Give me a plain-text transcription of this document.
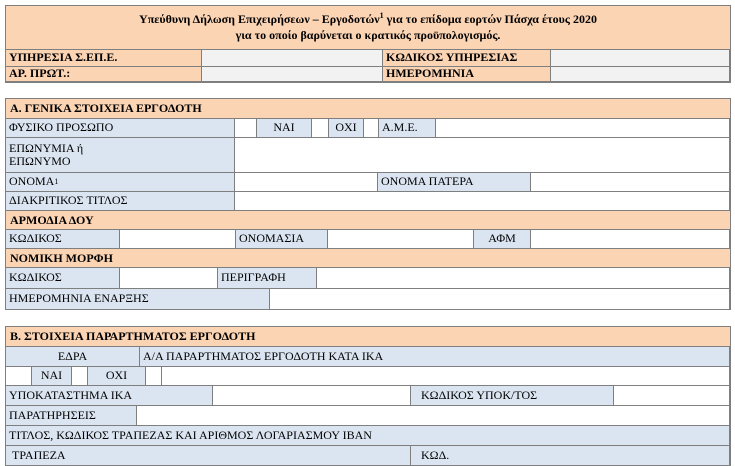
Υπεύθυνη Δήλωση Επιχειρήσεων – Εργοδοτών$^1$ για το επίδομα εορτών Πάσχα έτους 2020
για το οποίο βαρύνεται ο κρατικός προϋπολογισμός.
ΥΠΗΡΕΣΙΑ Σ.ΕΠ.Ε.	ΚΩΔΙΚΟΣ ΥΠΗΡΕΣΙΑΣ
ΑΡ. ΠΡΩΤ.:	ΗΜΕΡΟΜΗΝΙΑ
Α. ΓΕΝΙΚΑ ΣΤΟΙΧΕΙΑ ΕΡΓΟΔΟΤΗ
ΦΥΣΙΚΟ ΠΡΟΣΩΠΟ	ΝΑΙ	ΟΧΙ	Α.Μ.Ε.
ΕΠΩΝΥΜΙΑ ή
ΕΠΩΝΥΜΟ
ΟΝΟΜΑ 1	ΟΝΟΜΑ ΠΑΤΕΡΑ
ΔΙΑΚΡΙΤΙΚΟΣ ΤΙΤΛΟΣ
ΑΡΜΟΔΙΑ ΔΟΥ
ΚΩΔΙΚΟΣ	ΟΝΟΜΑΣΙΑ	ΑΦΜ
ΝΟΜΙΚΗ ΜΟΡΦΗ
ΚΩΔΙΚΟΣ	ΠΕΡΙΓΡΑΦΗ
ΗΜΕΡΟΜΗΝΙΑ ΕΝΑΡΞΗΣ
Β. ΣΤΟΙΧΕΙΑ ΠΑΡΑΡΤΗΜΑΤΟΣ ΕΡΓΟΔΟΤΗ
ΕΔΡΑ	Α/Α ΠΑΡΑΡΤΗΜΑΤΟΣ ΕΡΓΟΔΟΤΗ ΚΑΤΑ ΙΚΑ
ΝΑΙ	ΟΧΙ
ΥΠΟΚΑΤΑΣΤΗΜΑ ΙΚΑ	ΚΩΔΙΚΟΣ ΥΠΟΚ/ΤΟΣ
ΠΑΡΑΤΗΡΗΣΕΙΣ
ΤΙΤΛΟΣ, ΚΩΔΙΚΟΣ ΤΡΑΠΕΖΑΣ ΚΑΙ ΑΡΙΘΜΟΣ ΛΟΓΑΡΙΑΣΜΟΥ IBAN
ΤΡΑΠΕΖΑ	ΚΩΔ.
